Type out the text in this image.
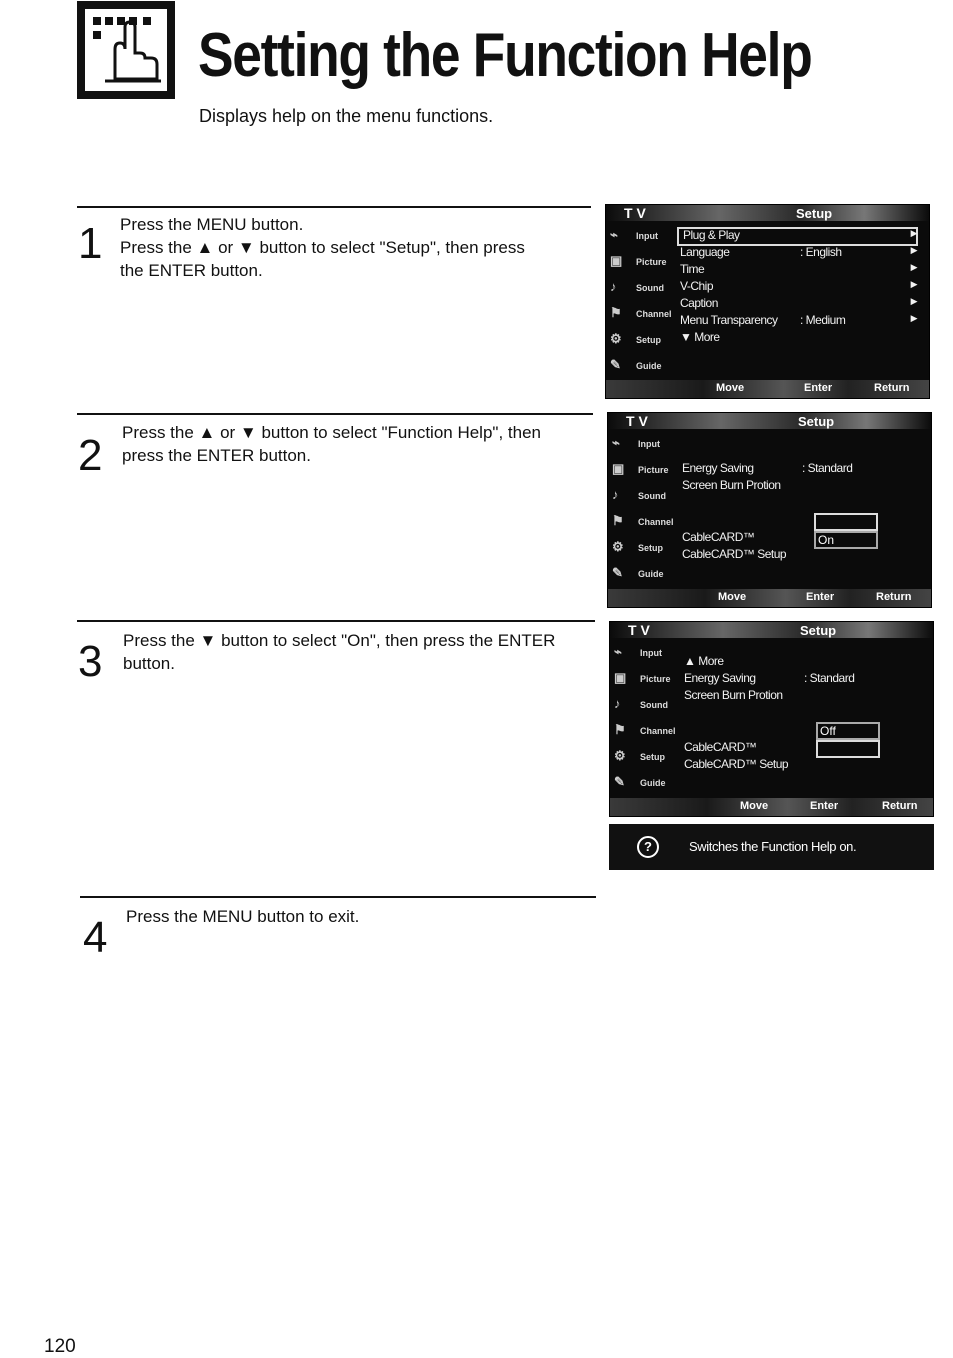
Setting the Function Help
Displays help on the menu functions.
1 Press the MENU button.
Press the ▲ or ▼ button to select "Setup", then press
the ENTER button.
2 Press the ▲ or ▼ button to select "Function Help", then
press the ENTER button.
3 Press the ▼ button to select "On", then press the ENTER
button.
4 Press the MENU button to exit.
T V	Setup
⌁	Input
▣	Picture
♪	Sound
⚑	Channel
⚙	Setup
✎	Guide
Plug & Play	▶
Language	: English	▶
Time	▶
V-Chip	▶
Caption	▶
Menu Transparency : Medium	▶
▼ More
Move	Enter	Return
T V	Setup
⌁	Input
▣	Picture
♪	Sound
⚑	Channel
⚙	Setup
✎	Guide
Energy Saving	: Standard
Screen Burn Protion
CableCARD™
CableCARD™ Setup
On
Move	Enter	Return
T V	Setup
⌁	Input
▣	Picture
♪	Sound
⚑	Channel
⚙	Setup
✎	Guide
▲ More
Energy Saving	: Standard
Screen Burn Protion
CableCARD™
CableCARD™ Setup
Off
Move	Enter	Return
?	Switches the Function Help on.
120
